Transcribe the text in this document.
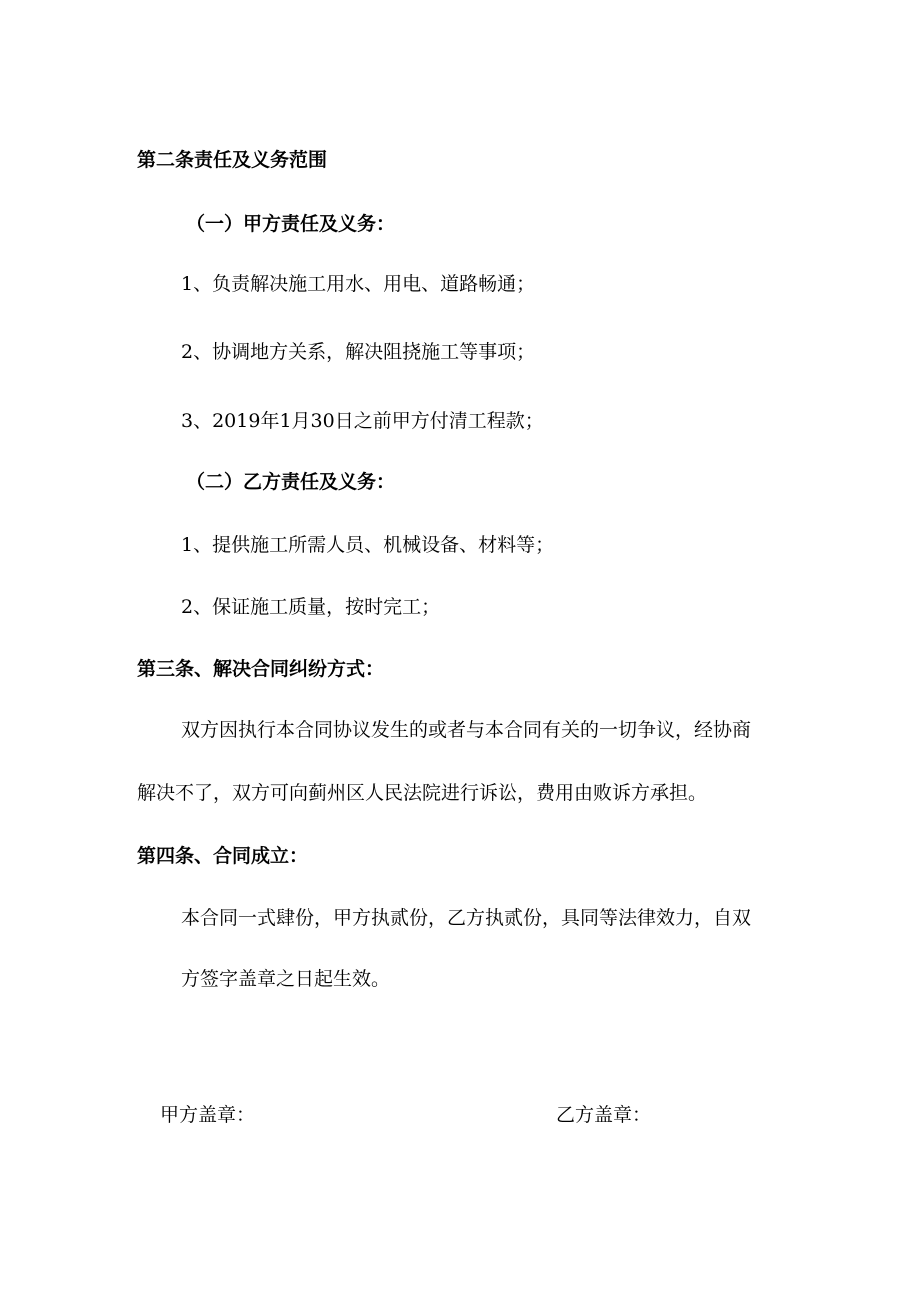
第二条责任及义务范围
（一）甲方责任及义务：
1、负责解决施工用水、用电、道路畅通；
2、协调地方关系，解决阻挠施工等事项；
3、2019年1月30日之前甲方付清工程款；
（二）乙方责任及义务：
1、提供施工所需人员、机械设备、材料等；
2、保证施工质量，按时完工；
第三条、解决合同纠纷方式：
双方因执行本合同协议发生的或者与本合同有关的一切争议，经协商
解决不了，双方可向蓟州区人民法院进行诉讼，费用由败诉方承担。
第四条、合同成立：
本合同一式肆份，甲方执贰份，乙方执贰份，具同等法律效力，自双
方签字盖章之日起生效。
甲方盖章：	乙方盖章：
